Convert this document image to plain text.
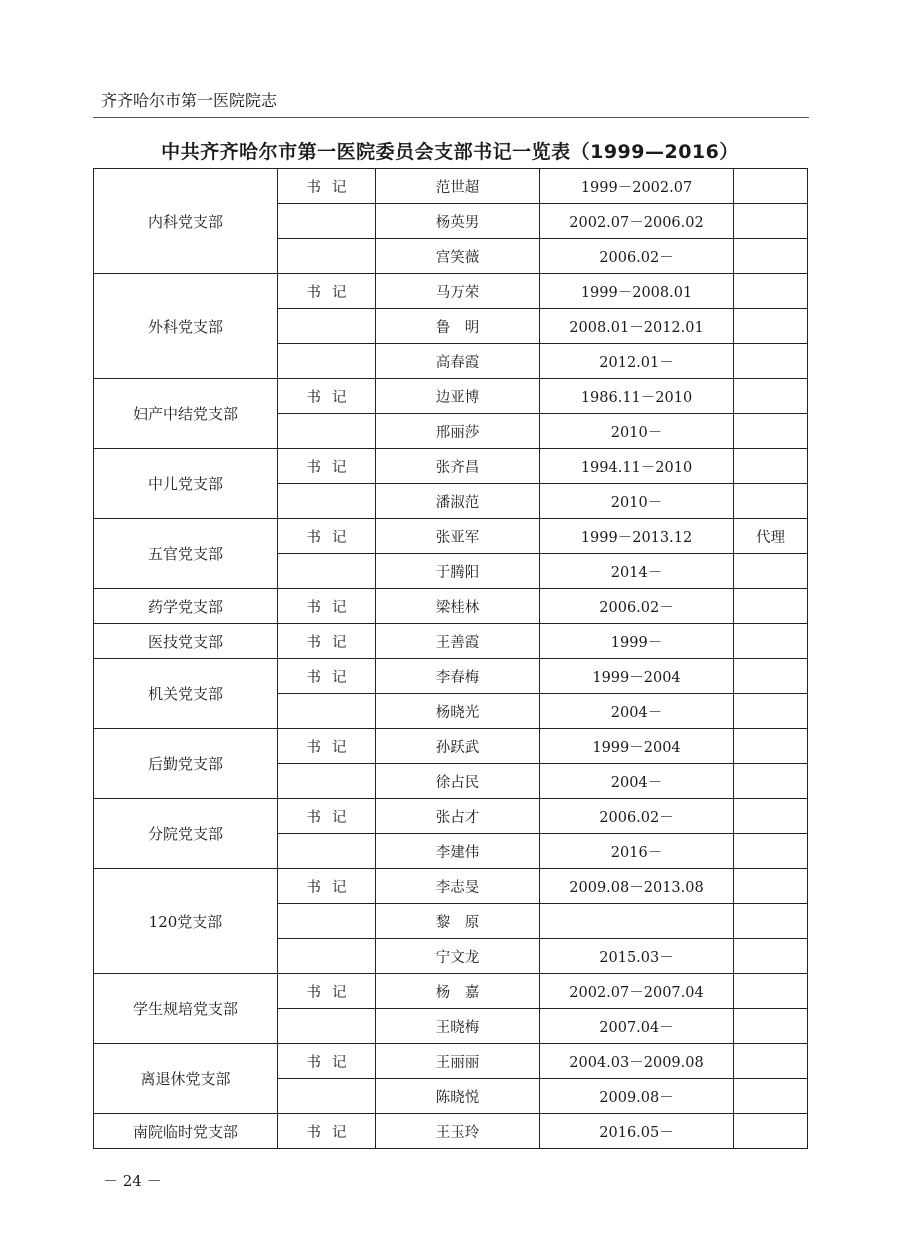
齐齐哈尔市第一医院院志
中共齐齐哈尔市第一医院委员会支部书记一览表（1999—2016）
内科党支部	书记	范世超	1999－2002.07	
		杨英男	2002.07－2006.02	
		宫笑薇	2006.02－	
外科党支部	书记	马万荣	1999－2008.01	
		鲁　明	2008.01－2012.01	
		高春霞	2012.01－	
妇产中结党支部	书记	边亚博	1986.11－2010	
		邢丽莎	2010－	
中儿党支部	书记	张齐昌	1994.11－2010	
		潘淑范	2010－	
五官党支部	书记	张亚军	1999－2013.12	代理
		于腾阳	2014－	
药学党支部	书记	梁桂林	2006.02－	
医技党支部	书记	王善霞	1999－	
机关党支部	书记	李春梅	1999－2004	
		杨晓光	2004－	
后勤党支部	书记	孙跃武	1999－2004	
		徐占民	2004－	
分院党支部	书记	张占才	2006.02－	
		李建伟	2016－	
120党支部	书记	李志旻	2009.08－2013.08	
		黎　原		
		宁文龙	2015.03－	
学生规培党支部	书记	杨　嘉	2002.07－2007.04	
		王晓梅	2007.04－	
离退休党支部	书记	王丽丽	2004.03－2009.08	
		陈晓悦	2009.08－	
南院临时党支部	书记	王玉玲	2016.05－	
－ 24 －
